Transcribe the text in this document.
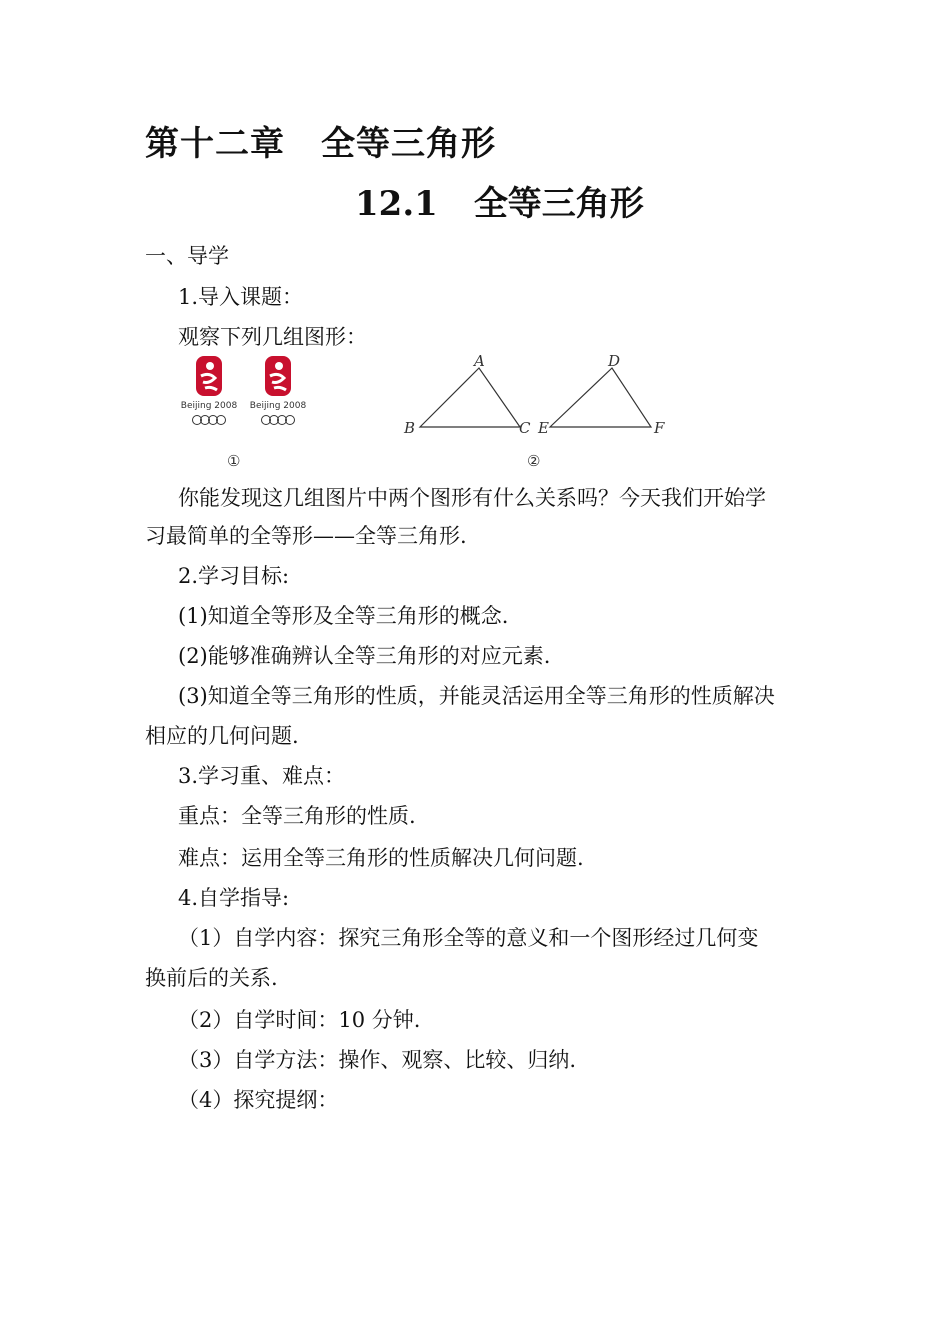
第十二章 全等三角形
12.1 全等三角形
一、导学
1.导入课题：
观察下列几组图形：
Beijing 2008 Beijing 2008
①
A
B	C
D
E	F
②
你能发现这几组图片中两个图形有什么关系吗？今天我们开始学
习最简单的全等形——全等三角形.
2.学习目标:
(1)知道全等形及全等三角形的概念.
(2)能够准确辨认全等三角形的对应元素.
(3)知道全等三角形的性质，并能灵活运用全等三角形的性质解决
相应的几何问题.
3.学习重、难点：
重点：全等三角形的性质.
难点：运用全等三角形的性质解决几何问题.
4.自学指导:
（1）自学内容：探究三角形全等的意义和一个图形经过几何变
换前后的关系.
（2）自学时间：10 分钟.
（3）自学方法：操作、观察、比较、归纳.
（4）探究提纲：
